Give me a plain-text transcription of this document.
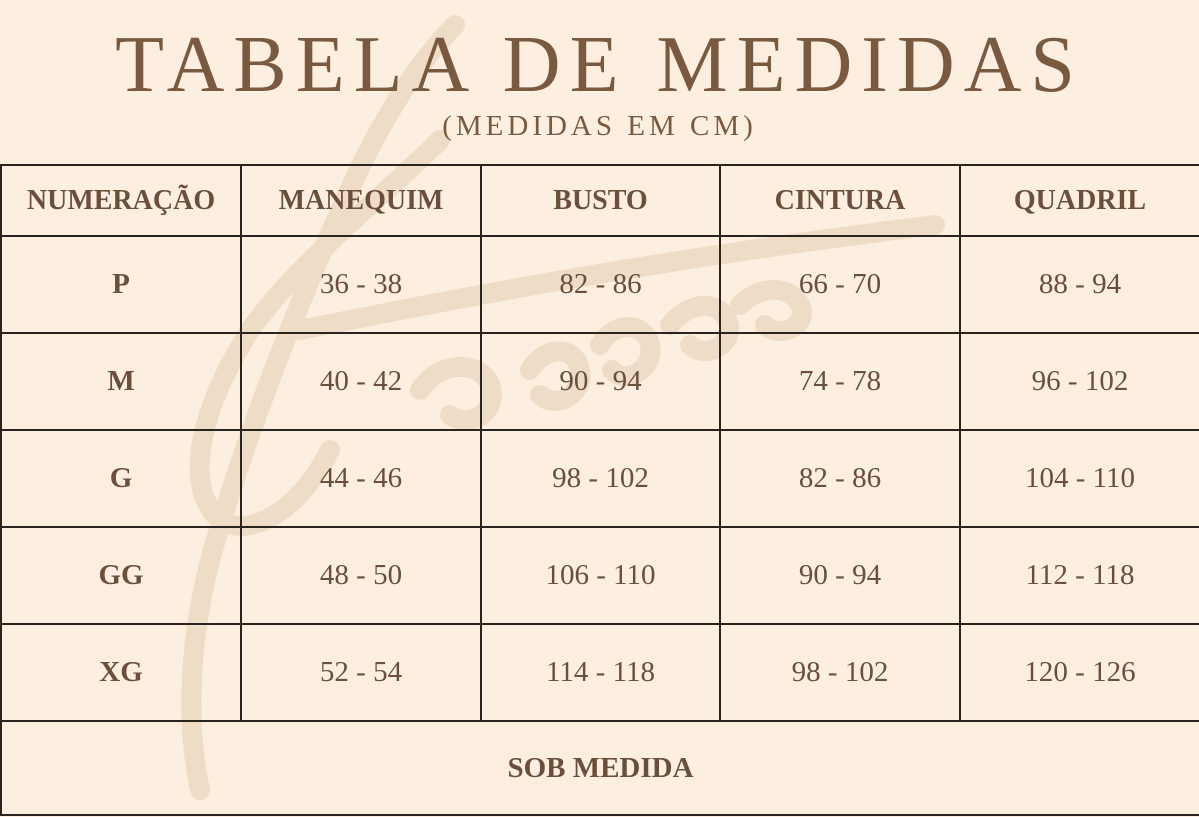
TABELA DE MEDIDAS
(MEDIDAS EM CM)
NUMERAÇÃO	MANEQUIM	BUSTO	CINTURA	QUADRIL
P	36 - 38	82 - 86	66 - 70	88 - 94
M	40 - 42	90 - 94	74 - 78	96 - 102
G	44 - 46	98 - 102	82 - 86	104 - 110
GG	48 - 50	106 - 110	90 - 94	112 - 118
XG	52 - 54	114 - 118	98 - 102	120 - 126
SOB MEDIDA				
